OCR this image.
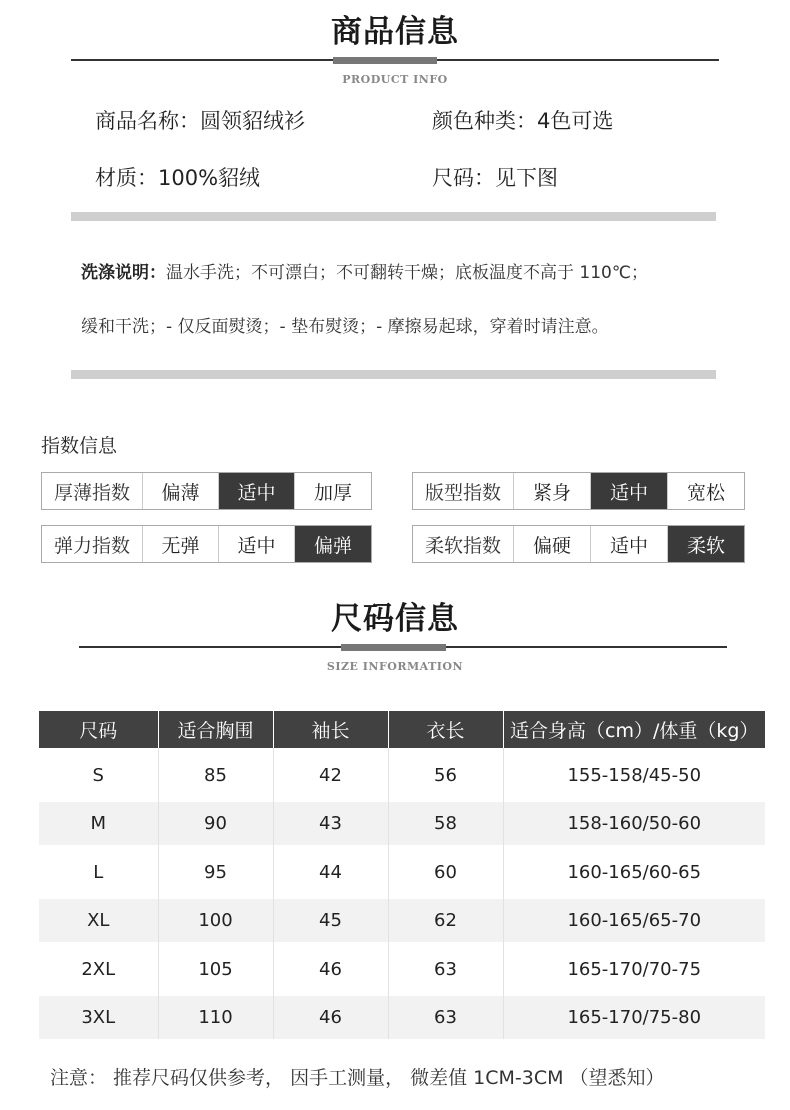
商品信息
PRODUCT INFO
商品名称：圆领貂绒衫	颜色种类：4色可选
材质：100%貂绒	尺码：见下图
洗涤说明：温水手洗；不可漂白；不可翻转干燥；底板温度不高于 110℃；
缓和干洗；- 仅反面熨烫；- 垫布熨烫；- 摩擦易起球，穿着时请注意。
指数信息
厚薄指数	偏薄	适中	加厚	版型指数	紧身	适中	宽松
弹力指数	无弹	适中	偏弹	柔软指数	偏硬	适中	柔软
尺码信息
SIZE INFORMATION
尺码	适合胸围	袖长	衣长	适合身高（cm）/体重（kg）
S	85	42	56	155-158/45-50
M	90	43	58	158-160/50-60
L	95	44	60	160-165/60-65
XL	100	45	62	160-165/65-70
2XL	105	46	63	165-170/70-75
3XL	110	46	63	165-170/75-80
注意： 推荐尺码仅供参考， 因手工测量， 微差值 1CM-3CM （望悉知）
